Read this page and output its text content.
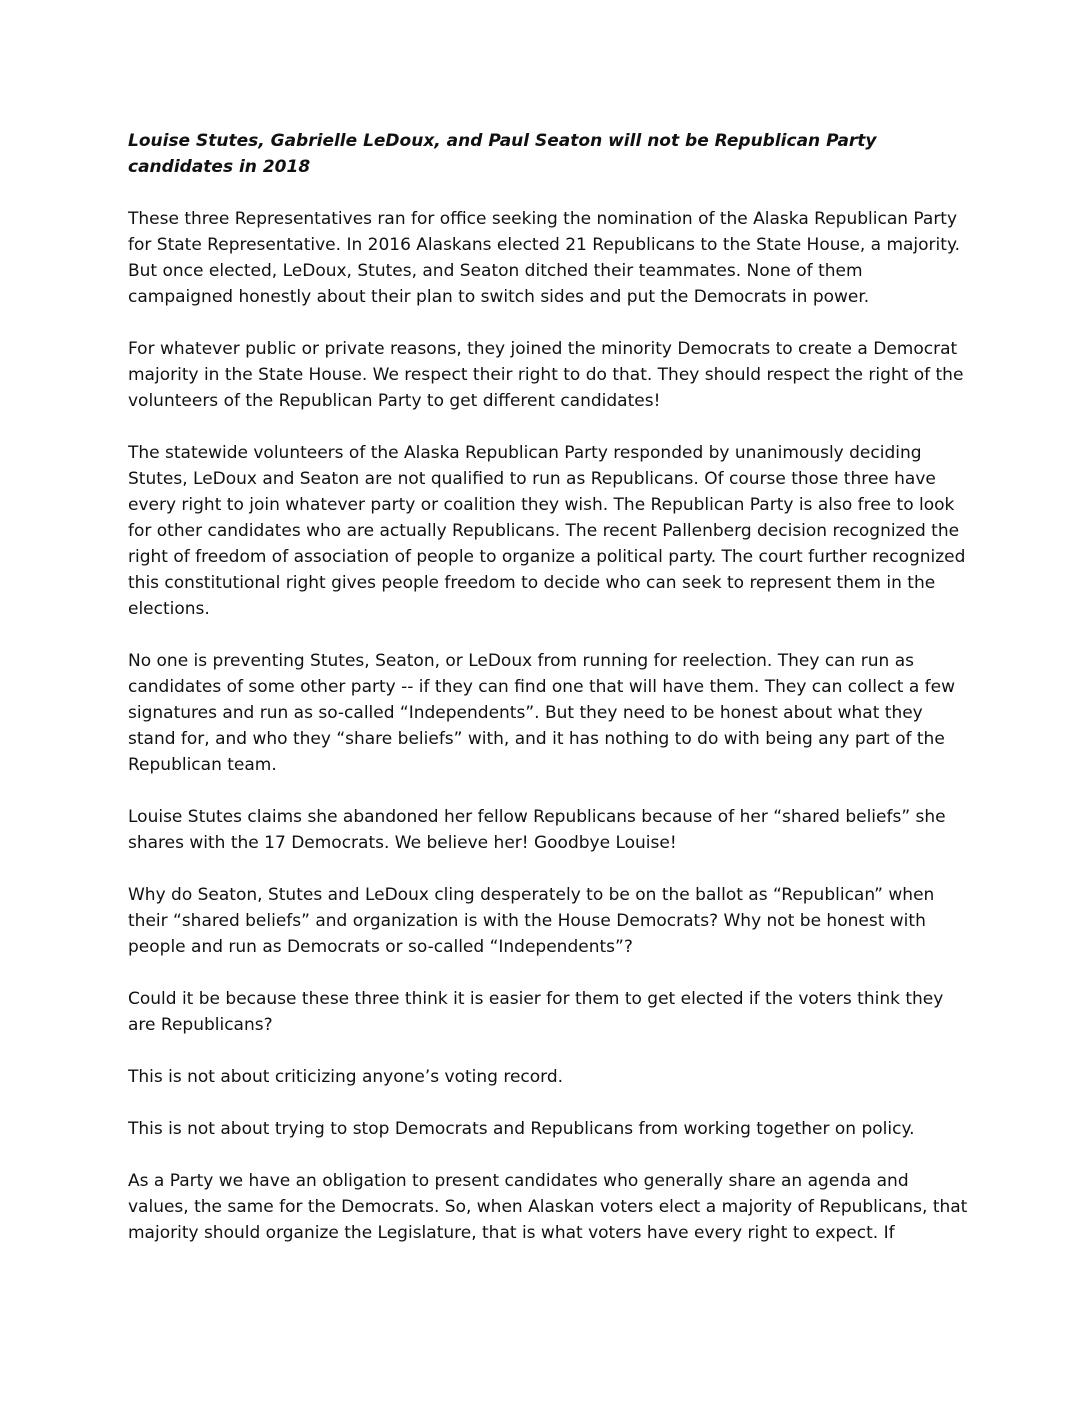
Louise Stutes, Gabrielle LeDoux, and Paul Seaton will not be Republican Party candidates in 2018

These three Representatives ran for office seeking the nomination of the Alaska Republican Party for State Representative. In 2016 Alaskans elected 21 Republicans to the State House, a majority. But once elected, LeDoux, Stutes, and Seaton ditched their teammates. None of them campaigned honestly about their plan to switch sides and put the Democrats in power.

For whatever public or private reasons, they joined the minority Democrats to create a Democrat majority in the State House. We respect their right to do that. They should respect the right of the volunteers of the Republican Party to get different candidates!

The statewide volunteers of the Alaska Republican Party responded by unanimously deciding Stutes, LeDoux and Seaton are not qualified to run as Republicans. Of course those three have every right to join whatever party or coalition they wish. The Republican Party is also free to look for other candidates who are actually Republicans. The recent Pallenberg decision recognized the right of freedom of association of people to organize a political party. The court further recognized this constitutional right gives people freedom to decide who can seek to represent them in the elections.

No one is preventing Stutes, Seaton, or LeDoux from running for reelection. They can run as candidates of some other party -- if they can find one that will have them. They can collect a few signatures and run as so-called “Independents”. But they need to be honest about what they stand for, and who they “share beliefs” with, and it has nothing to do with being any part of the Republican team.

Louise Stutes claims she abandoned her fellow Republicans because of her “shared beliefs” she shares with the 17 Democrats. We believe her! Goodbye Louise!

Why do Seaton, Stutes and LeDoux cling desperately to be on the ballot as “Republican” when their “shared beliefs” and organization is with the House Democrats? Why not be honest with people and run as Democrats or so-called “Independents”?

Could it be because these three think it is easier for them to get elected if the voters think they are Republicans?

This is not about criticizing anyone’s voting record.

This is not about trying to stop Democrats and Republicans from working together on policy.

As a Party we have an obligation to present candidates who generally share an agenda and values, the same for the Democrats. So, when Alaskan voters elect a majority of Republicans, that majority should organize the Legislature, that is what voters have every right to expect. If
